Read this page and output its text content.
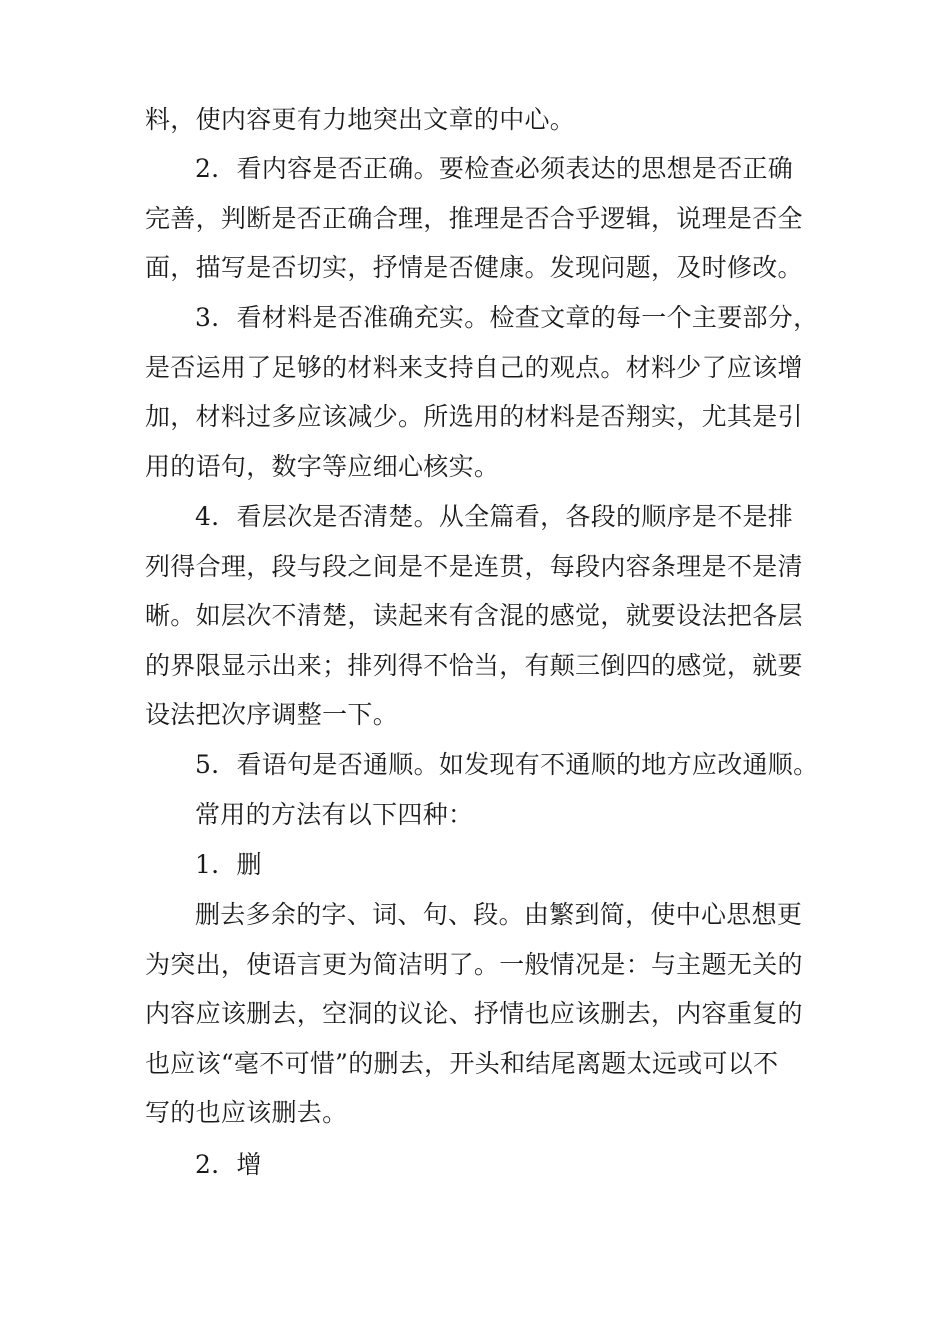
料，使内容更有力地突出文章的中心。

2．看内容是否正确。要检查必须表达的思想是否正确
完善，判断是否正确合理，推理是否合乎逻辑，说理是否全
面，描写是否切实，抒情是否健康。发现问题，及时修改。

3．看材料是否准确充实。检查文章的每一个主要部分，
是否运用了足够的材料来支持自己的观点。材料少了应该增
加，材料过多应该减少。所选用的材料是否翔实，尤其是引
用的语句，数字等应细心核实。

4．看层次是否清楚。从全篇看，各段的顺序是不是排
列得合理，段与段之间是不是连贯，每段内容条理是不是清
晰。如层次不清楚，读起来有含混的感觉，就要设法把各层
的界限显示出来；排列得不恰当，有颠三倒四的感觉，就要
设法把次序调整一下。

5．看语句是否通顺。如发现有不通顺的地方应改通顺。

常用的方法有以下四种：

1．删

删去多余的字、词、句、段。由繁到简，使中心思想更
为突出，使语言更为简洁明了。一般情况是：与主题无关的
内容应该删去，空洞的议论、抒情也应该删去，内容重复的
也应该“毫不可惜”的删去，开头和结尾离题太远或可以不
写的也应该删去。

2．增
